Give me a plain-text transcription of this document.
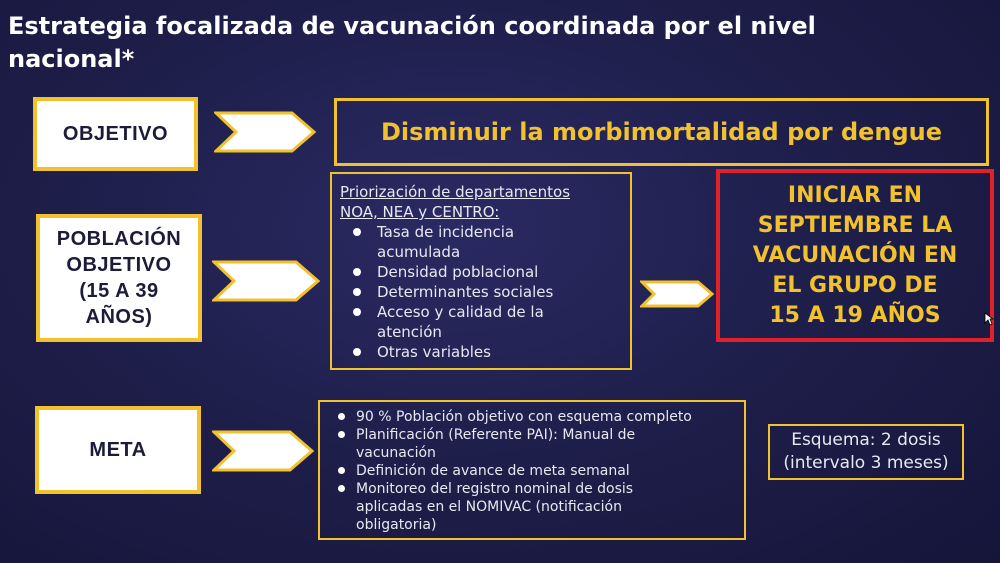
Estrategia focalizada de vacunación coordinada por el nivel nacional*
OBJETIVO	Disminuir la morbimortalidad por dengue
POBLACIÓN
OBJETIVO
(15 A 39
AÑOS)
Priorización de departamentos
NOA, NEA y CENTRO:
Tasa de incidencia
acumulada
Densidad poblacional
Determinantes sociales
Acceso y calidad de la
atención
Otras variables
INICIAR EN
SEPTIEMBRE LA
VACUNACIÓN EN
EL GRUPO DE
15 A 19 AÑOS
META
90 % Población objetivo con esquema completo
Planificación (Referente PAI): Manual de
vacunación
Definición de avance de meta semanal
Monitoreo del registro nominal de dosis
aplicadas en el NOMIVAC (notificación
obligatoria)
Esquema: 2 dosis
(intervalo 3 meses)
